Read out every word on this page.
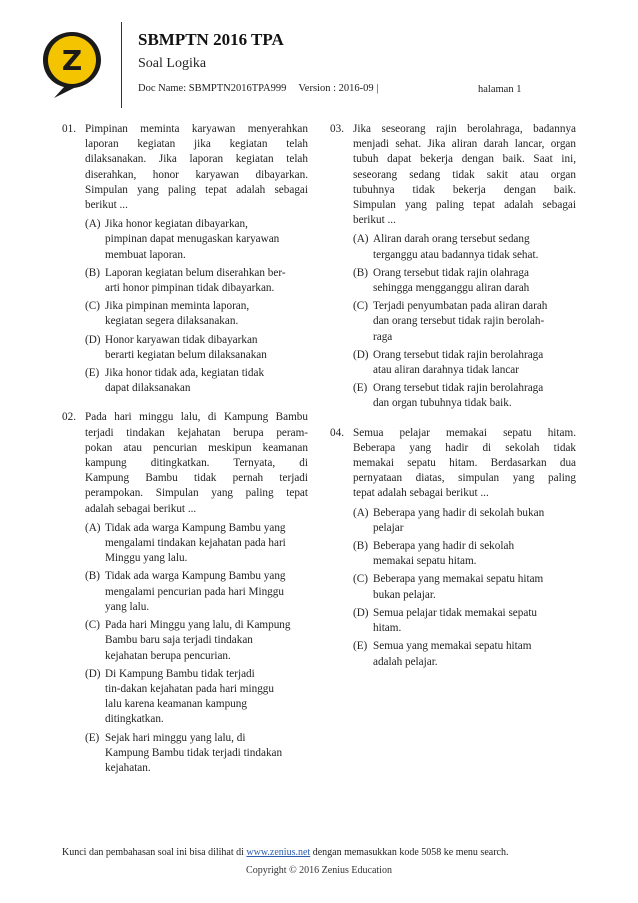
Z
SBMPTN 2016 TPA
Soal Logika
Doc Name: SBMPTN2016TPA999 Version : 2016-09 |	halaman 1
01. Pimpinan meminta karyawan menyerahkan
laporan kegiatan jika kegiatan telah
dilaksanakan. Jika laporan kegiatan telah
diserahkan, honor karyawan dibayarkan.
Simpulan yang paling tepat adalah sebagai
berikut ...
(A) Jika honor kegiatan dibayarkan,
pimpinan dapat menugaskan karyawan
membuat laporan.
(B) Laporan kegiatan belum diserahkan ber-
arti honor pimpinan tidak dibayarkan.
(C) Jika pimpinan meminta laporan,
kegiatan segera dilaksanakan.
(D) Honor karyawan tidak dibayarkan
berarti kegiatan belum dilaksanakan
(E) Jika honor tidak ada, kegiatan tidak
dapat dilaksanakan
02. Pada hari minggu lalu, di Kampung Bambu
terjadi tindakan kejahatan berupa peram-
pokan atau pencurian meskipun keamanan
kampung ditingkatkan. Ternyata, di
Kampung Bambu tidak pernah terjadi
perampokan. Simpulan yang paling tepat
adalah sebagai berikut ...
(A) Tidak ada warga Kampung Bambu yang
mengalami tindakan kejahatan pada hari
Minggu yang lalu.
(B) Tidak ada warga Kampung Bambu yang
mengalami pencurian pada hari Minggu
yang lalu.
(C) Pada hari Minggu yang lalu, di Kampung
Bambu baru saja terjadi tindakan
kejahatan berupa pencurian.
(D) Di Kampung Bambu tidak terjadi
tin-dakan kejahatan pada hari minggu
lalu karena keamanan kampung
ditingkatkan.
(E) Sejak hari minggu yang lalu, di
Kampung Bambu tidak terjadi tindakan
kejahatan.
03. Jika seseorang rajin berolahraga, badannya
menjadi sehat. Jika aliran darah lancar, organ
tubuh dapat bekerja dengan baik. Saat ini,
seseorang sedang tidak sakit atau organ
tubuhnya tidak bekerja dengan baik.
Simpulan yang paling tepat adalah sebagai
berikut ...
(A) Aliran darah orang tersebut sedang
terganggu atau badannya tidak sehat.
(B) Orang tersebut tidak rajin olahraga
sehingga mengganggu aliran darah
(C) Terjadi penyumbatan pada aliran darah
dan orang tersebut tidak rajin berolah-
raga
(D) Orang tersebut tidak rajin berolahraga
atau aliran darahnya tidak lancar
(E) Orang tersebut tidak rajin berolahraga
dan organ tubuhnya tidak baik.
04. Semua pelajar memakai sepatu hitam.
Beberapa yang hadir di sekolah tidak
memakai sepatu hitam. Berdasarkan dua
pernyataan diatas, simpulan yang paling
tepat adalah sebagai berikut ...
(A) Beberapa yang hadir di sekolah bukan
pelajar
(B) Beberapa yang hadir di sekolah
memakai sepatu hitam.
(C) Beberapa yang memakai sepatu hitam
bukan pelajar.
(D) Semua pelajar tidak memakai sepatu
hitam.
(E) Semua yang memakai sepatu hitam
adalah pelajar.
Kunci dan pembahasan soal ini bisa dilihat di www.zenius.net dengan memasukkan kode 5058 ke menu search.
Copyright © 2016 Zenius Education
